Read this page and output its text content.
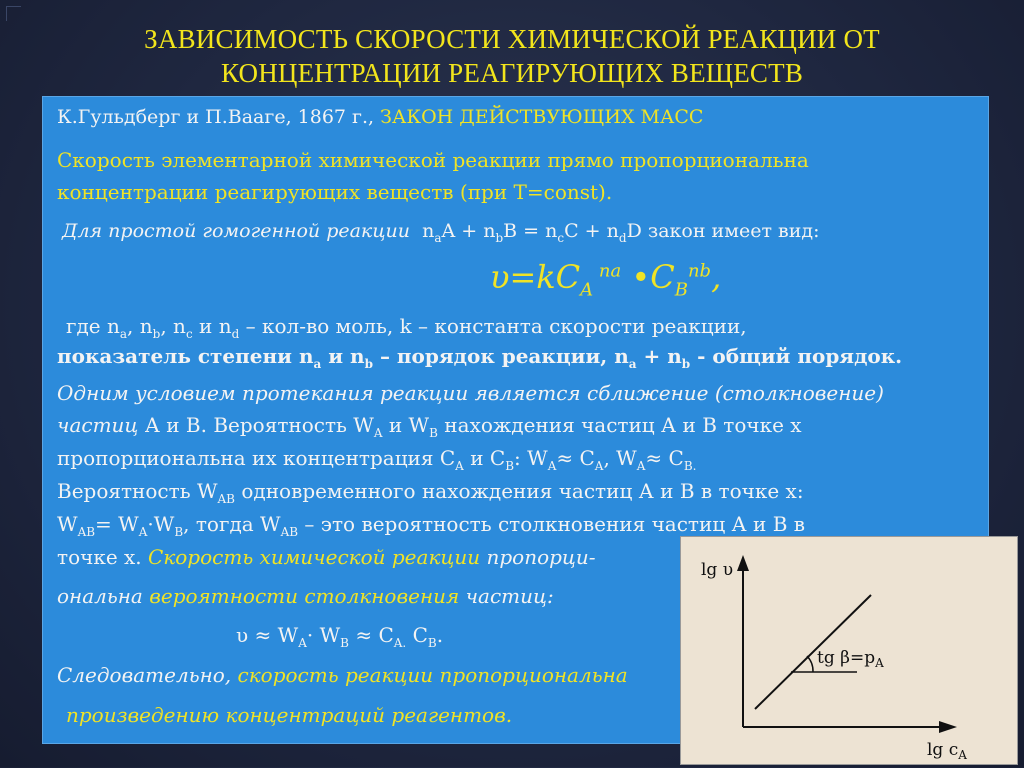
ЗАВИСИМОСТЬ СКОРОСТИ ХИМИЧЕСКОЙ РЕАКЦИИ ОТ
КОНЦЕНТРАЦИИ РЕАГИРУЮЩИХ ВЕЩЕСТВ
К.Гульдберг и П.Вааге, 1867 г., ЗАКОН ДЕЙСТВУЮЩИХ МАСС
Скорость элементарной химической реакции прямо пропорциональна
концентрации реагирующих веществ (при T=const).
Для простой гомогенной реакции  $n_aA + n_bB = n_cC + n_dD$ закон имеет вид:
$\upsilon=kC_A$ $^{na}$ $•C_B^{nb}$,
где $n_a$, $n_b$, $n_c$ и $n_d - кол-во$ моль, k – константа скорости реакции,
показатель степени $n_a$ и $n_b$ – порядок реакции, $n_a + n_b$ - общий порядок.
Одним условием протекания реакции является сближение (столкновение)
частиц А и В. Вероятность $W_A$ и $W_B$ нахождения частиц А и В точке х
пропорциональна их концентрация $С_A$ и $С_B$: $W_A\approx С_A$, $W_A\approx С_{B.}$
Вероятность $W_{AB}$ одновременного нахождения частиц А и В в точке х:
$W_{AB}= W_A\cdot W_B$, тогда $W_{AB}$ – это вероятность столкновения частиц А и В в
точке х. Скорость химической реакции пропорци-
ональна вероятности столкновения частиц:
$\upsilon \approx W_A\cdot W_B \approx С_{A.}$ $С_B$.
Следовательно, скорость реакции пропорциональна
произведению концентраций реагентов.
lg υ
tg $\beta=p_A$
$\lg c_A$
